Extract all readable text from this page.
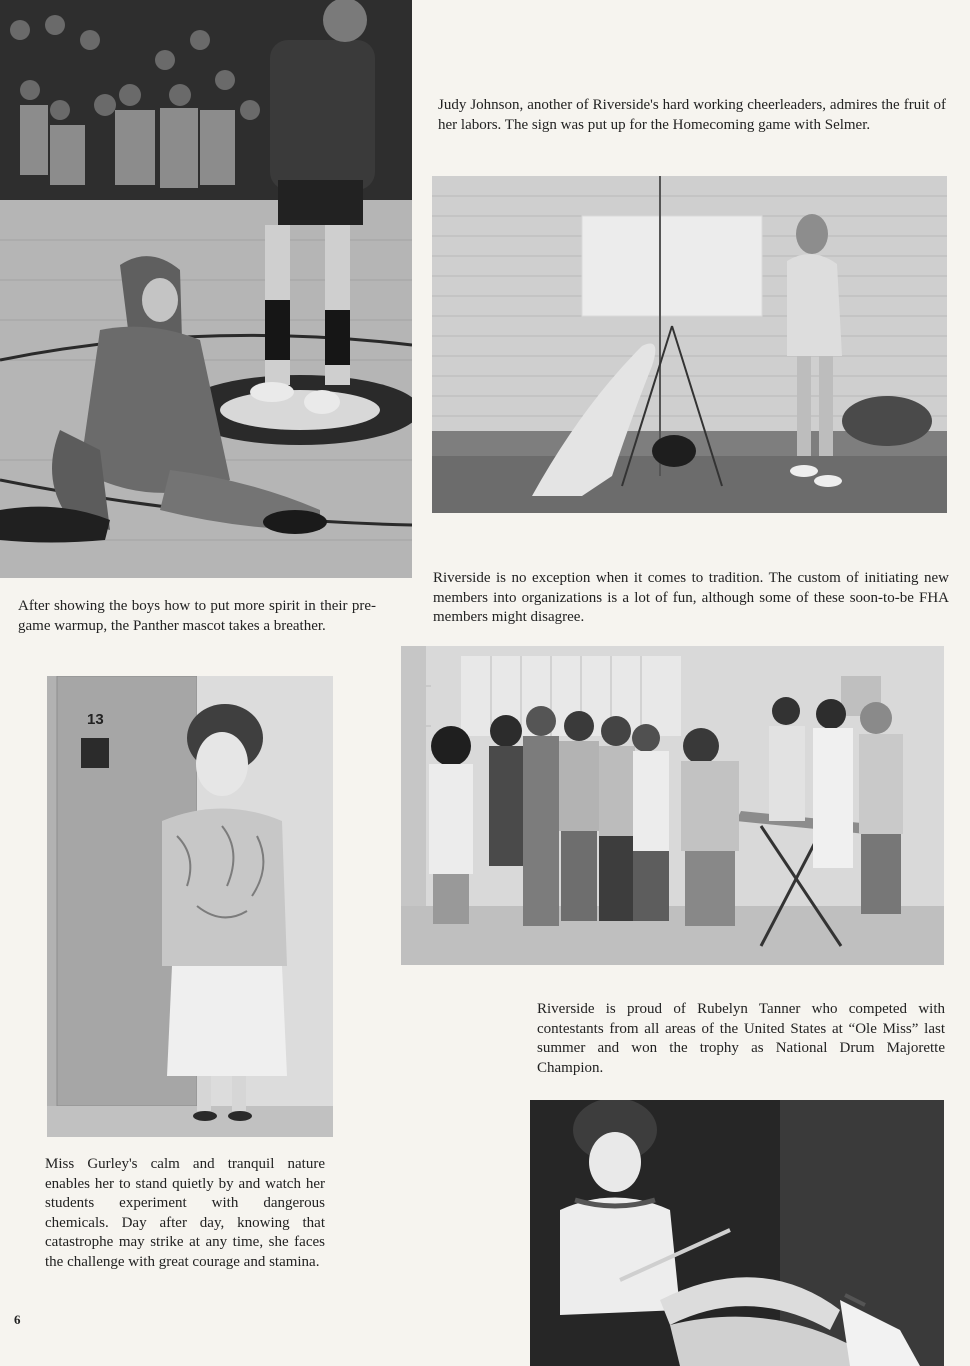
After showing the boys how to put more spirit in their pre-game warmup, the Panther mascot takes a breather.

Judy Johnson, another of Riverside's hard working cheerleaders, admires the fruit of her labors. The sign was put up for the Homecoming game with Selmer.

Riverside is no exception when it comes to tradition. The custom of initiating new members into organizations is a lot of fun, although some of these soon-to-be FHA members might disagree.

13

Miss Gurley's calm and tranquil nature enables her to stand quietly by and watch her students experiment with dangerous chemicals. Day after day, knowing that catastrophe may strike at any time, she faces the challenge with great courage and stamina.

Riverside is proud of Rubelyn Tanner who competed with contestants from all areas of the United States at “Ole Miss” last summer and won the trophy as National Drum Majorette Champion.

6
